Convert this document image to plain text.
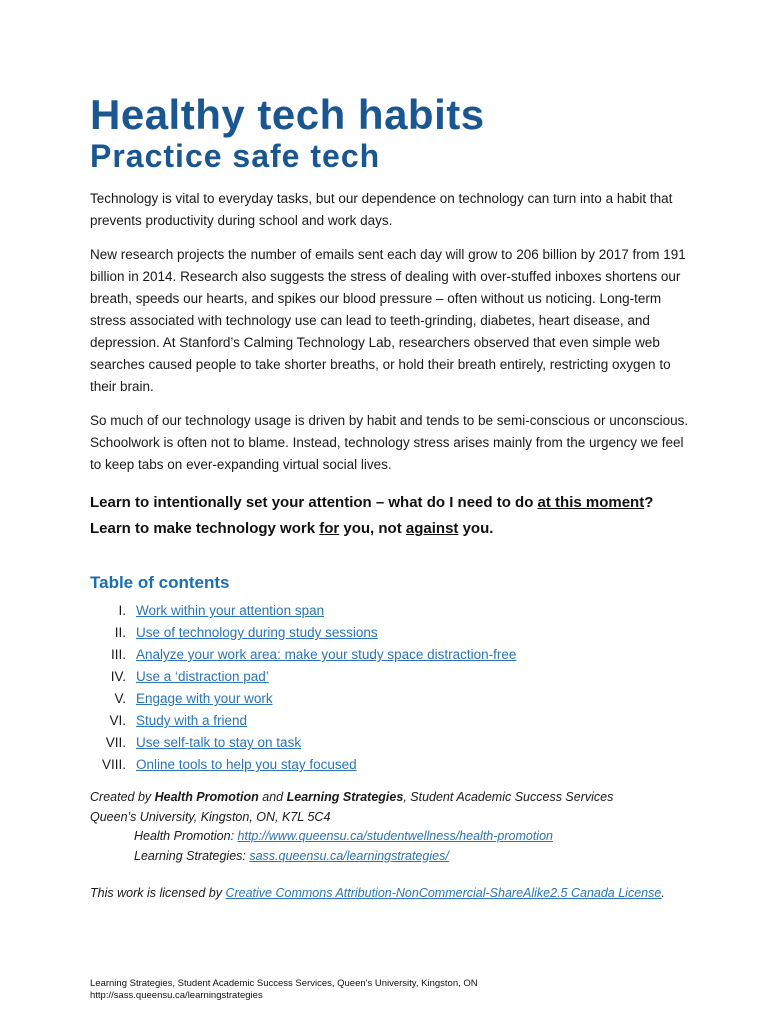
Healthy tech habits
Practice safe tech

Technology is vital to everyday tasks, but our dependence on technology can turn into a habit that prevents productivity during school and work days.

New research projects the number of emails sent each day will grow to 206 billion by 2017 from 191 billion in 2014. Research also suggests the stress of dealing with over-stuffed inboxes shortens our breath, speeds our hearts, and spikes our blood pressure – often without us noticing. Long-term stress associated with technology use can lead to teeth-grinding, diabetes, heart disease, and depression. At Stanford’s Calming Technology Lab, researchers observed that even simple web searches caused people to take shorter breaths, or hold their breath entirely, restricting oxygen to their brain.

So much of our technology usage is driven by habit and tends to be semi-conscious or unconscious. Schoolwork is often not to blame. Instead, technology stress arises mainly from the urgency we feel to keep tabs on ever-expanding virtual social lives.

Learn to intentionally set your attention – what do I need to do at this moment?
Learn to make technology work for you, not against you.
Table of contents
I. Work within your attention span
II. Use of technology during study sessions
III. Analyze your work area: make your study space distraction-free
IV. Use a ‘distraction pad’
V. Engage with your work
VI. Study with a friend
VII. Use self-talk to stay on task
VIII. Online tools to help you stay focused
Created by Health Promotion and Learning Strategies, Student Academic Success Services
Queen’s University, Kingston, ON, K7L 5C4
Health Promotion: http://www.queensu.ca/studentwellness/health-promotion
Learning Strategies: sass.queensu.ca/learningstrategies/
This work is licensed by Creative Commons Attribution-NonCommercial-ShareAlike2.5 Canada License.
Learning Strategies, Student Academic Success Services, Queen's University, Kingston, ON
http://sass.queensu.ca/learningstrategies
